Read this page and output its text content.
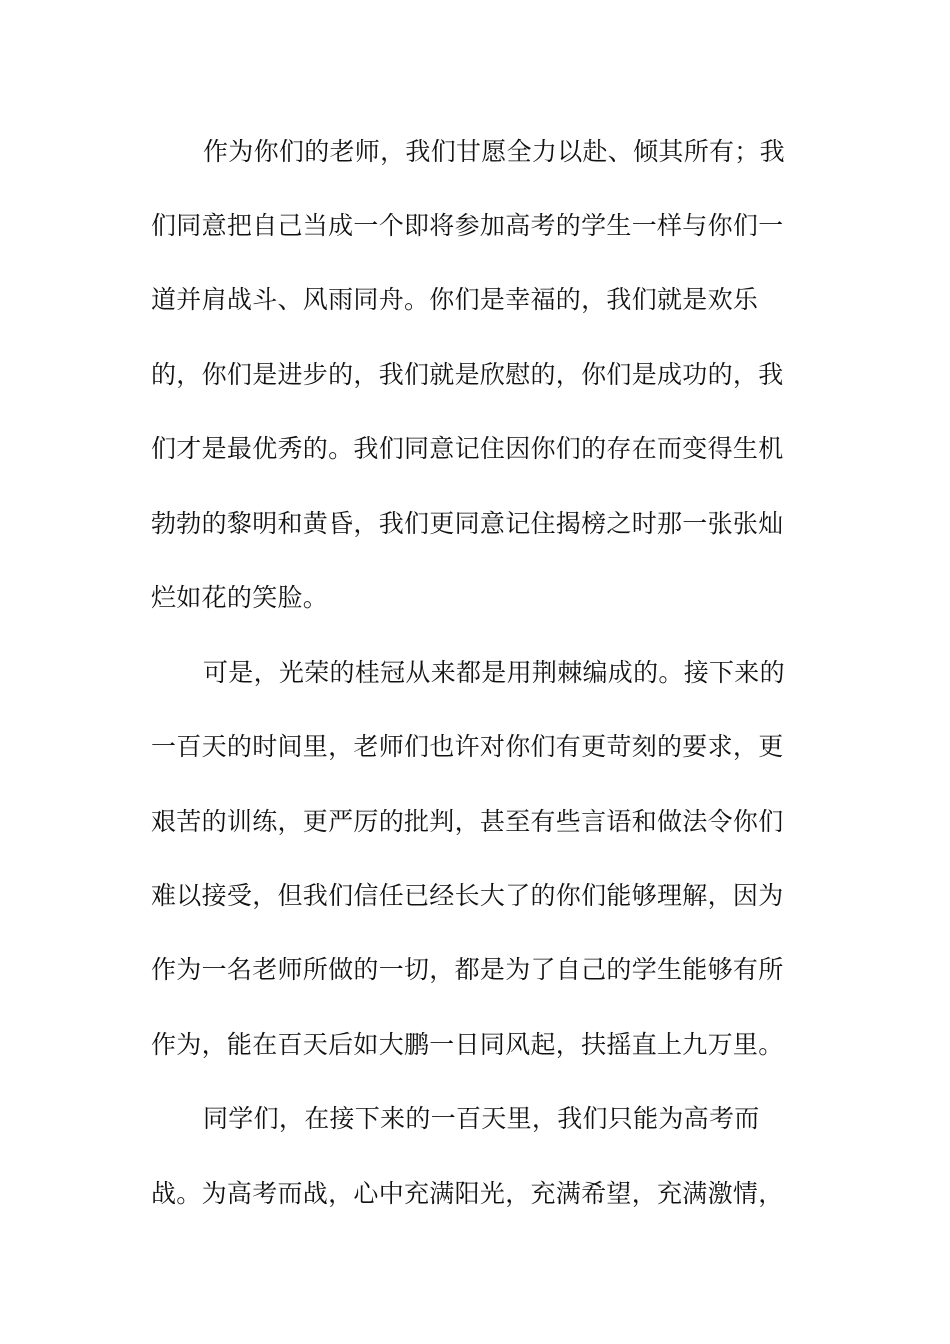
作为你们的老师，我们甘愿全力以赴、倾其所有；我
们同意把自己当成一个即将参加高考的学生一样与你们一
道并肩战斗、风雨同舟。你们是幸福的，我们就是欢乐
的，你们是进步的，我们就是欣慰的，你们是成功的，我
们才是最优秀的。我们同意记住因你们的存在而变得生机
勃勃的黎明和黄昏，我们更同意记住揭榜之时那一张张灿
烂如花的笑脸。
可是，光荣的桂冠从来都是用荆棘编成的。接下来的
一百天的时间里，老师们也许对你们有更苛刻的要求，更
艰苦的训练，更严厉的批判，甚至有些言语和做法令你们
难以接受，但我们信任已经长大了的你们能够理解，因为
作为一名老师所做的一切，都是为了自己的学生能够有所
作为，能在百天后如大鹏一日同风起，扶摇直上九万里。
同学们，在接下来的一百天里，我们只能为高考而
战。为高考而战，心中充满阳光，充满希望，充满激情，
